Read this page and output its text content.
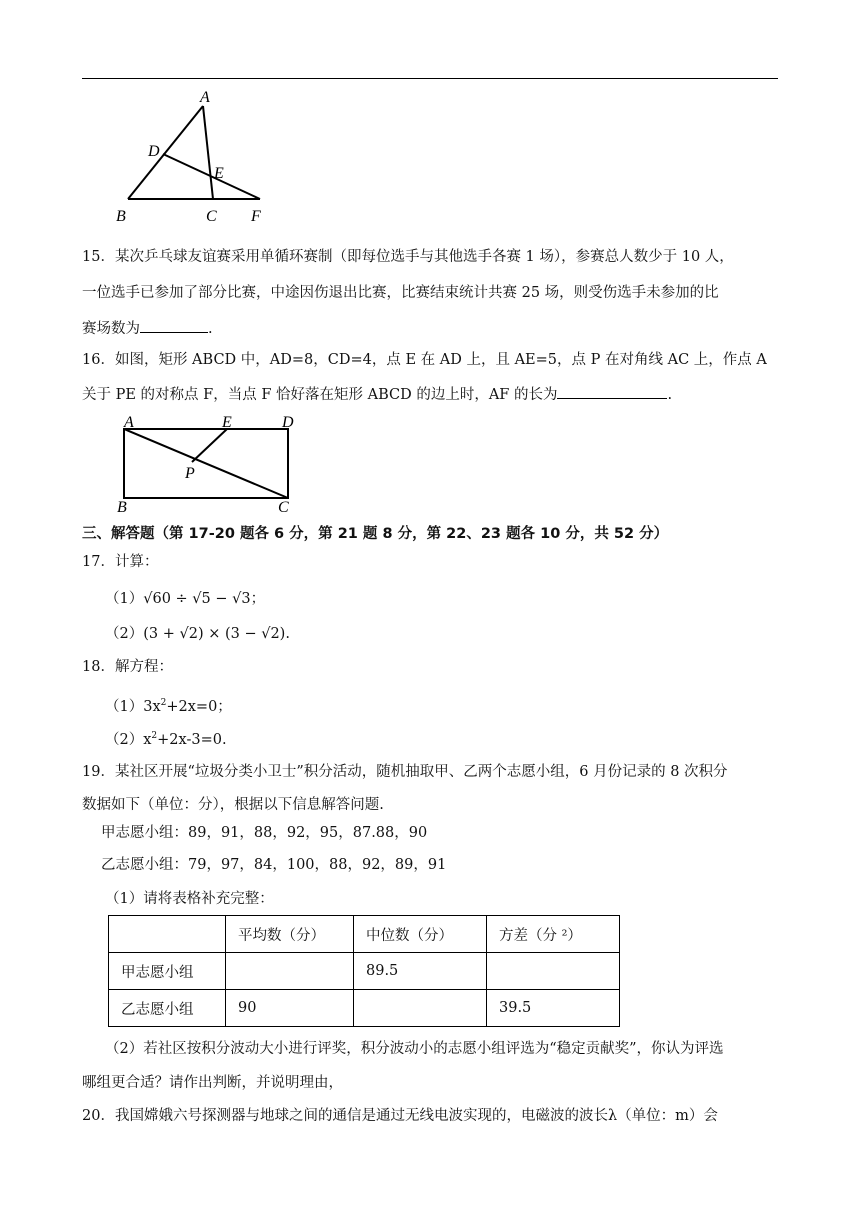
A
D
E
B	C F
15．某次乒乓球友谊赛采用单循环赛制（即每位选手与其他选手各赛 1 场），参赛总人数少于 10 人，
一位选手已参加了部分比赛，中途因伤退出比赛，比赛结束统计共赛 25 场，则受伤选手未参加的比
赛场数为	.
16．如图，矩形 ABCD 中，AD=8，CD=4，点 E 在 AD 上，且 AE=5，点 P 在对角线 AC 上，作点 A
关于 PE 的对称点 F，当点 F 恰好落在矩形 ABCD 的边上时，AF 的长为	.
A	E	D
P
B	C
三、解答题（第 17-20 题各 6 分，第 21 题 8 分，第 22、23 题各 10 分，共 52 分）
17．计算：
（1）√60 ÷ √5 − √3；
（2）(3 + √2) × (3 − √2).
18．解方程：
$(1)3x^2+2x=0$；
$(2)x^2+2x-3=0$.
19．某社区开展“垃圾分类小卫士”积分活动，随机抽取甲、乙两个志愿小组，6 月份记录的 8 次积分
数据如下（单位：分），根据以下信息解答问题.
甲志愿小组：89，91，88，92，95，87.88，90
乙志愿小组：79，97，84，100，88，92，89，91
（1）请将表格补充完整：
	平均数（分）	中位数（分）	方差（分 ²）
甲志愿小组		89.5	
乙志愿小组	90		39.5
（2）若社区按积分波动大小进行评奖，积分波动小的志愿小组评选为“稳定贡献奖”，你认为评选
哪组更合适？请作出判断，并说明理由，
20．我国嫦娥六号探测器与地球之间的通信是通过无线电波实现的，电磁波的波长λ（单位：m）会
